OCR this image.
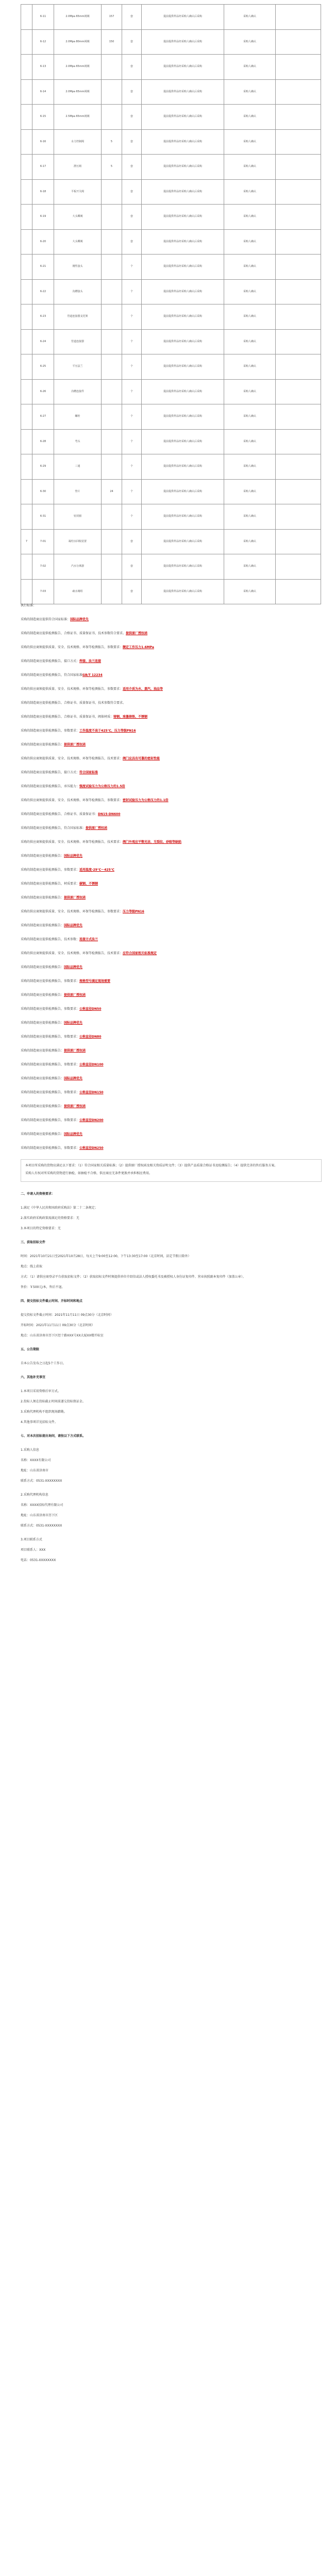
	6-11	2.0Mpa 65mm闸阀	157	套	提前提供样品经采购人确认后采购	采购人确认	
	6-12	2.0Mpa 80mm闸阀	150	套	提前提供样品经采购人确认后采购	采购人确认	
	6-13	2.0Mpa 65mm闸阀		套	提前提供样品经采购人确认后采购	采购人确认	
	6-14	2.0Mpa 65mm闸阀		套	提前提供样品经采购人确认后采购	采购人确认	
	6-15	2.5Mpa 65mm闸阀		套	提前提供样品经采购人确认后采购	采购人确认	
	6-16	水力控制阀	5	套	提前提供样品经采购人确认后采购	采购人确认	
	6-17	泄压阀	5	套	提前提供样品经采购人确认后采购	采购人确认	
	6-18	平板开关阀		套	提前提供样品经采购人确认后采购	采购人确认	
	6-19	大头蝶阀		套	提前提供样品经采购人确认后采购	采购人确认	
	6-20	大头蝶阀		套	提前提供样品经采购人确认后采购	采购人确认	
	6-21	刚性接头		个	提前提供样品经采购人确认后采购	采购人确认	
	6-22	沟槽接头		个	提前提供样品经采购人确认后采购	采购人确认	
	6-23	管道连接器支托架		个	提前提供样品经采购人确认后采购	采购人确认	
	6-24	管道连接器		个	提前提供样品经采购人确认后采购	采购人确认	
	6-25	平压法兰		个	提前提供样品经采购人确认后采购	采购人确认	
	6-26	沟槽连接件		个	提前提供样品经采购人确认后采购	采购人确认	
	6-27	螺栓		个	提前提供样品经采购人确认后采购	采购人确认	
	6-28	弯头		个	提前提供样品经采购人确认后采购	采购人确认	
	6-29	三通		个	提前提供样品经采购人确认后采购	采购人确认	
	6-30	垫片	24	个	提前提供样品经采购人确认后采购	采购人确认	
	6-31	密封圈		个	提前提供样品经采购人确认后采购	采购人确认	
7	7-01	凝结水回收装置		套	提前提供样品经采购人确认后采购	采购人确认	
	7-02	汽水分离器		套	提前提供样品经采购人确认后采购	采购人确认	
	7-03	疏水阀组		套	提前提供样品经采购人确认后采购	采购人确认	
执行标准：
采购的制造商应提供符合国家标准：国际品牌优先
采购的制造商应提供检测报告、合格证书、质量保证书，技术参数符合要求。提供原厂授权函
采购的供应商须提供质量、安全、技术规格、环保等检测报告，参数要求：额定工作压力1.6MPa
采购的制造商应提供检测报告，接口方式：焊接、法兰连接
采购的制造商应提供检测报告，符合国家标准GB/T 12234
采购的供应商须提供质量、安全、技术规格、环保等检测报告，参数要求：适用介质为水、蒸汽、油品等
采购的制造商应提供检测报告、合格证书、质量保证书，技术参数符合要求。
采购的制造商应提供检测报告、合格证书、质量保证书，阀体材质：铸钢、球墨铸铁、不锈钢
采购的制造商应提供检测报告，参数要求：工作温度不高于425℃，压力等级PN16
采购的制造商应提供检测报告：提供原厂授权函
采购的供应商须提供质量、安全、技术规格、环保等检测报告，技术要求：阀门应具有可靠的密封性能
采购的制造商应提供检测报告，接口方式：符合国家标准
采购的制造商应提供检测报告，承压能力：强度试验压力为公称压力的1.5倍
采购的供应商须提供质量、安全、技术规格、环保等检测报告，参数要求：密封试验压力为公称压力的1.1倍
采购的制造商应提供检测报告、合格证书、质量保证书：DN15-DN600
采购的制造商应提供检测报告，符合国家标准：提供原厂授权函
采购的供应商须提供质量、安全、技术规格、环保等检测报告，技术要求：阀门外观应平整光洁，无裂纹、砂眼等缺陷
采购的制造商应提供检测报告：国际品牌优先
采购的制造商应提供检测报告，参数要求：适用温度-29℃～425℃
采购的制造商应提供检测报告，材质要求：碳钢、不锈钢
采购的制造商应提供检测报告：提供原厂授权函
采购的供应商须提供质量、安全、技术规格、环保等检测报告，参数要求：压力等级PN16
采购的制造商应提供检测报告：国际品牌优先
采购的制造商应提供检测报告，技术参数：连接方式法兰
采购的供应商须提供质量、安全、技术规格、环保等检测报告，技术要求：应符合国家相关标准规定
采购的制造商应提供检测报告：国际品牌优先
采购的制造商应提供检测报告，参数要求：规格型号满足现场需要
采购的制造商应提供检测报告：提供原厂授权函
采购的制造商应提供检测报告，参数要求：公称直径DN50
采购的制造商应提供检测报告：国际品牌优先
采购的制造商应提供检测报告，参数要求：公称直径DN80
采购的制造商应提供检测报告：提供原厂授权函
采购的制造商应提供检测报告，参数要求：公称直径DN100
采购的制造商应提供检测报告：国际品牌优先
采购的制造商应提供检测报告，参数要求：公称直径DN150
采购的制造商应提供检测报告：提供原厂授权函
采购的制造商应提供检测报告，参数要求：公称直径DN200
采购的制造商应提供检测报告：国际品牌优先
采购的制造商应提供检测报告，参数要求：公称直径DN250
本项目所采购的货物应满足以下要求：（1）符合国家相关质量标准；（2）提供原厂授权函及相关资质证明文件；（3）提供产品质量合格证书及检测报告；（4）提供完善的售后服务方案。
采购人有权对所采购的货物进行抽检，如抽检不合格，供应商应无条件更换并承担相应费用。
二、申请人的资格要求：
1.满足《中华人民共和国政府采购法》第二十二条规定；
2.落实政府采购政策需满足的资格要求：无
3.本项目的特定资格要求：无
三、获取招标文件
时间：2021年10月21日至2021年10月28日，每天上午9:00至12:00，下午13:30至17:00（北京时间，法定节假日除外）
地点：线上获取
方式：（1）请供应商登录平台获取招标文件；（2）获取招标文件时须提供单位介绍信或法人授权委托书及被授权人身份证复印件、营业执照副本复印件（加盖公章）。
售价：￥500元/本，售后不退。
四、提交投标文件截止时间、开标时间和地点
提交投标文件截止时间：2021年11月11日 09点30分（北京时间）
开标时间：2021年11月11日 09点30分（北京时间）
地点：山东省济南市历下区经十路XXX号XX大厦XX楼开标室
五、公告期限
自本公告发布之日起5个工作日。
六、其他补充事宜
1.本项目采用资格后审方式。
2.投标人须在投标截止时间前递交投标保证金。
3.采购代理机构不组织现场踏勘。
4.其他事项详见招标文件。
七、对本次招标提出询问，请按以下方式联系。
1.采购人信息
名称：XXXX有限公司
地址：山东省济南市
联系方式：0531-XXXXXXXX
2.采购代理机构信息
名称：XXXX招标代理有限公司
地址：山东省济南市历下区
联系方式：0531-XXXXXXXX
3.项目联系方式
项目联系人：XXX
电话：0531-XXXXXXXX
